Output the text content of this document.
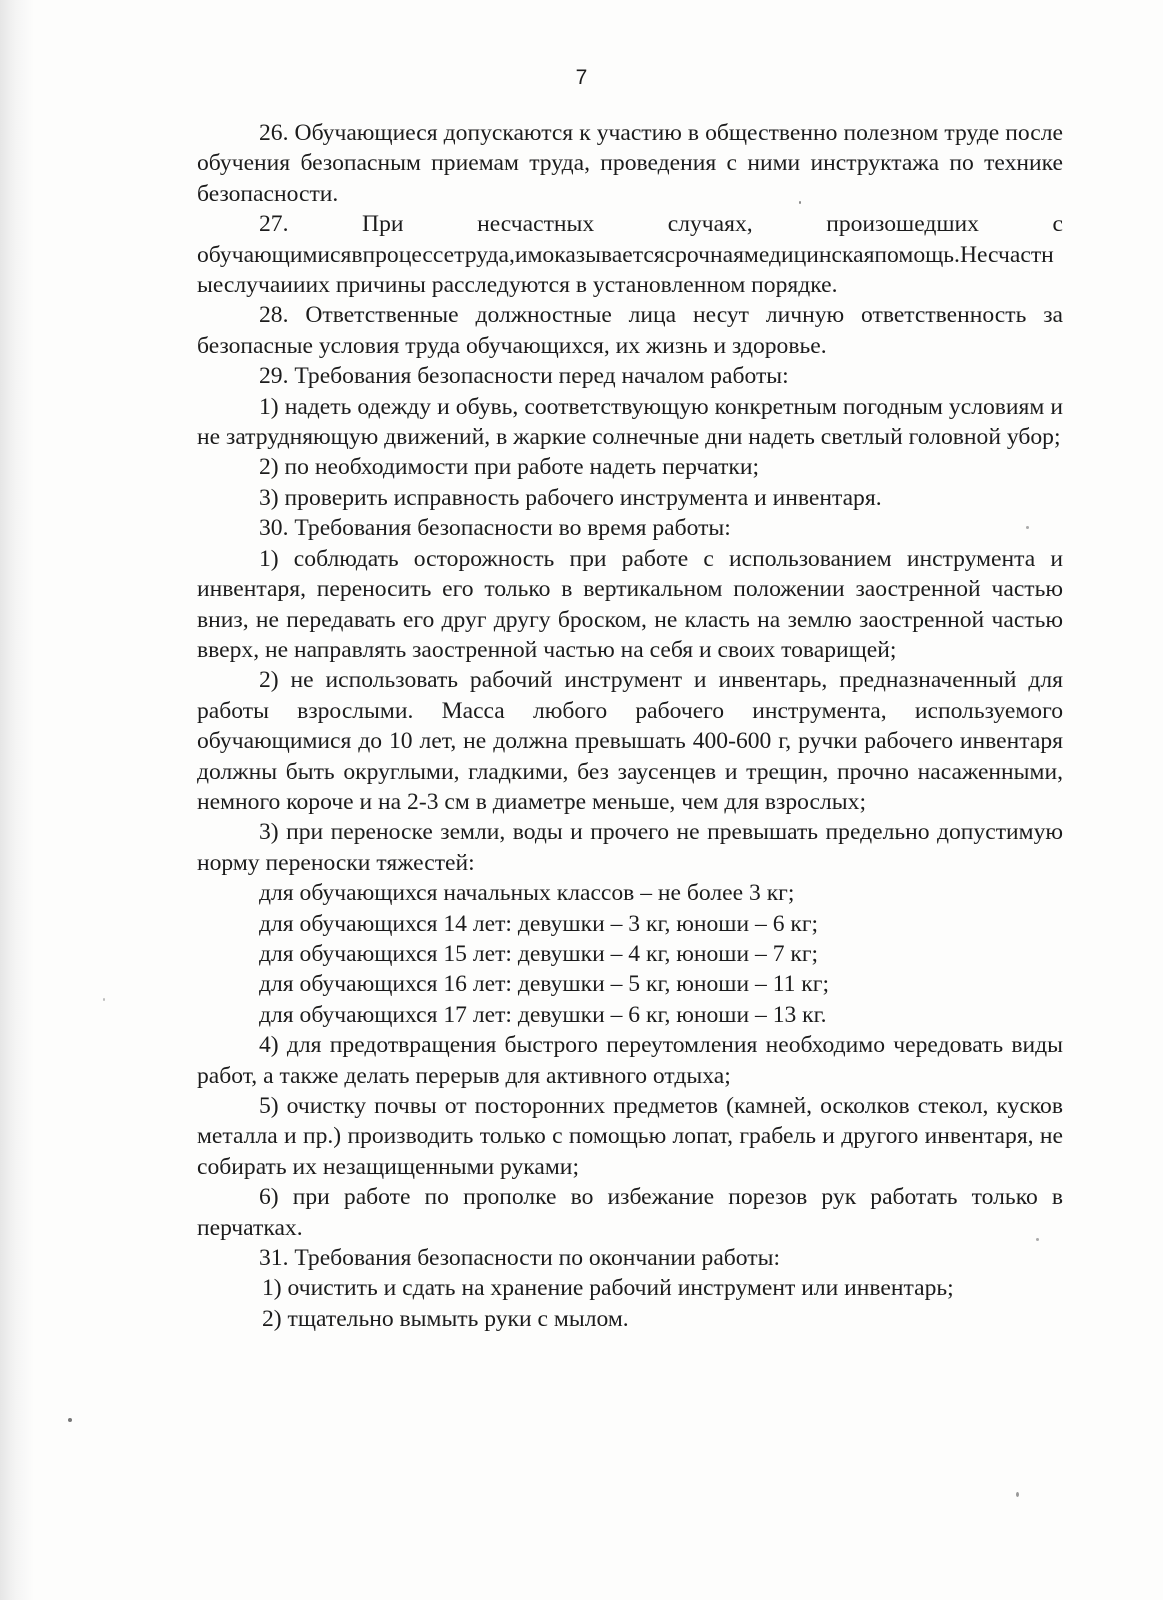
7

26. Обучающиеся допускаются к участию в общественно полезном труде после обучения безопасным приемам труда, проведения с ними инструктажа по технике безопасности.

27. При несчастных случаях, произошедших с

обучающимисявпроцессетруда,имоказываетсясрочнаямедицинскаяпомощь.Несчастныеслучаииих причины расследуются в установленном порядке.

28. Ответственные должностные лица несут личную ответственность за безопасные условия труда обучающихся, их жизнь и здоровье.

29. Требования безопасности перед началом работы:

1) надеть одежду и обувь, соответствующую конкретным погодным условиям и не затрудняющую движений, в жаркие солнечные дни надеть светлый головной убор;

2) по необходимости при работе надеть перчатки;

3) проверить исправность рабочего инструмента и инвентаря.

30. Требования безопасности во время работы:

1) соблюдать осторожность при работе с использованием инструмента и инвентаря, переносить его только в вертикальном положении заостренной частью вниз, не передавать его друг другу броском, не класть на землю заостренной частью вверх, не направлять заостренной частью на себя и своих товарищей;

2) не использовать рабочий инструмент и инвентарь, предназначенный для работы взрослыми. Масса любого рабочего инструмента, используемого обучающимися до 10 лет, не должна превышать 400-600 г, ручки рабочего инвентаря должны быть округлыми, гладкими, без заусенцев и трещин, прочно насаженными, немного короче и на 2-3 см в диаметре меньше, чем для взрослых;

3) при переноске земли, воды и прочего не превышать предельно допустимую норму переноски тяжестей:

для обучающихся начальных классов – не более 3 кг;

для обучающихся 14 лет: девушки – 3 кг, юноши – 6 кг;

для обучающихся 15 лет: девушки – 4 кг, юноши – 7 кг;

для обучающихся 16 лет: девушки – 5 кг, юноши – 11 кг;

для обучающихся 17 лет: девушки – 6 кг, юноши – 13 кг.

4) для предотвращения быстрого переутомления необходимо чередовать виды работ, а также делать перерыв для активного отдыха;

5) очистку почвы от посторонних предметов (камней, осколков стекол, кусков металла и пр.) производить только с помощью лопат, грабель и другого инвентаря, не собирать их незащищенными руками;

6) при работе по прополке во избежание порезов рук работать только в перчатках.

31. Требования безопасности по окончании работы:

1) очистить и сдать на хранение рабочий инструмент или инвентарь;

2) тщательно вымыть руки с мылом.
